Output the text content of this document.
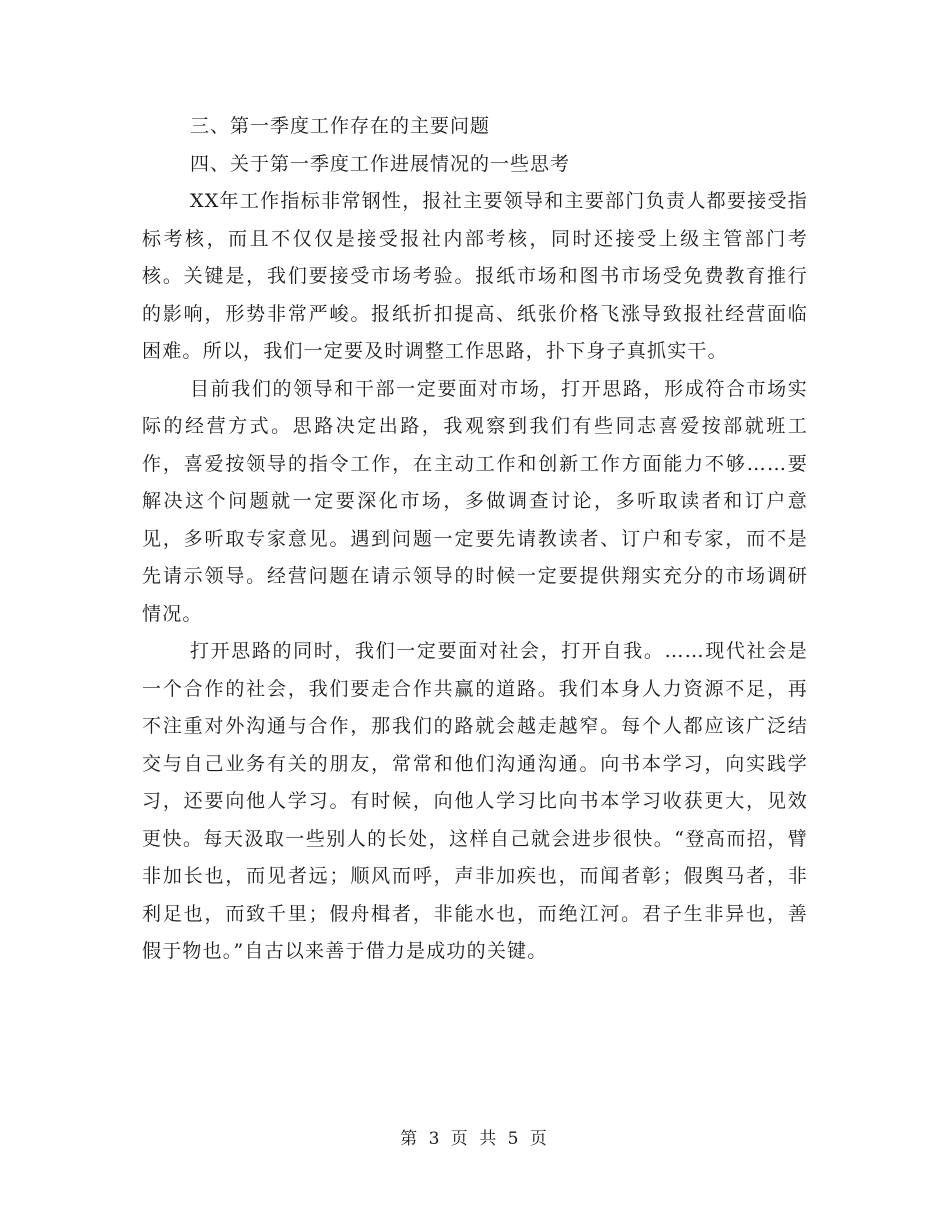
三、第一季度工作存在的主要问题
四、关于第一季度工作进展情况的一些思考

XX年工作指标非常钢性，报社主要领导和主要部门负责人都要接受指标考核，而且不仅仅是接受报社内部考核，同时还接受上级主管部门考核。关键是，我们要接受市场考验。报纸市场和图书市场受免费教育推行的影响，形势非常严峻。报纸折扣提高、纸张价格飞涨导致报社经营面临困难。所以，我们一定要及时调整工作思路，扑下身子真抓实干。

目前我们的领导和干部一定要面对市场，打开思路，形成符合市场实际的经营方式。思路决定出路，我观察到我们有些同志喜爱按部就班工作，喜爱按领导的指令工作，在主动工作和创新工作方面能力不够……要解决这个问题就一定要深化市场，多做调查讨论，多听取读者和订户意见，多听取专家意见。遇到问题一定要先请教读者、订户和专家，而不是先请示领导。经营问题在请示领导的时候一定要提供翔实充分的市场调研情况。

打开思路的同时，我们一定要面对社会，打开自我。……现代社会是一个合作的社会，我们要走合作共赢的道路。我们本身人力资源不足，再不注重对外沟通与合作，那我们的路就会越走越窄。每个人都应该广泛结交与自己业务有关的朋友，常常和他们沟通沟通。向书本学习，向实践学习，还要向他人学习。有时候，向他人学习比向书本学习收获更大，见效更快。每天汲取一些别人的长处，这样自己就会进步很快。“登高而招，臂非加长也，而见者远；顺风而呼，声非加疾也，而闻者彰；假舆马者，非利足也，而致千里；假舟楫者，非能水也，而绝江河。君子生非异也，善假于物也。”自古以来善于借力是成功的关键。

第 3 页 共 5 页
